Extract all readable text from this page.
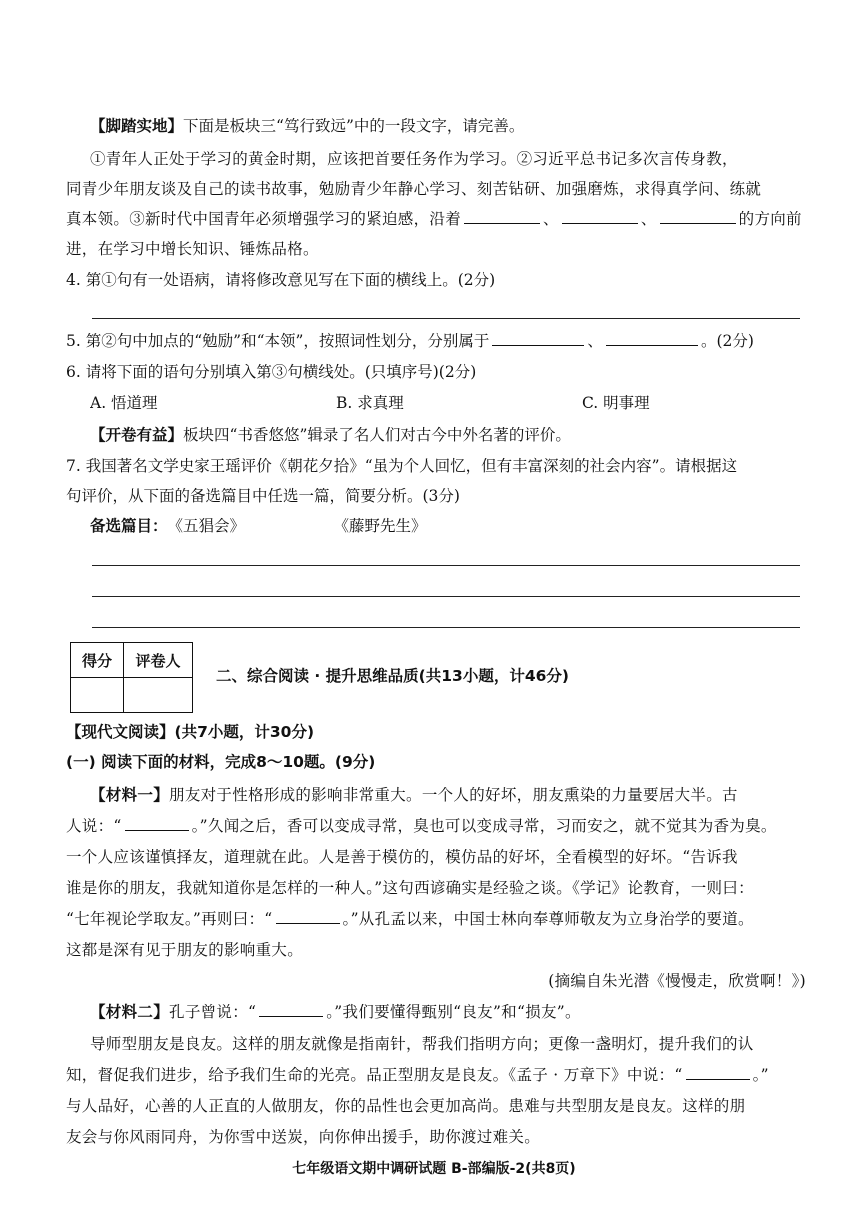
【脚踏实地】下面是板块三“笃行致远”中的一段文字，请完善。
①青年人正处于学习的黄金时期，应该把首要任务作为学习。②习近平总书记多次言传身教，
同青少年朋友谈及自己的读书故事，勉励青少年静心学习、刻苦钻研、加强磨炼，求得真学问、练就
真本领。③新时代中国青年必须增强学习的紧迫感，沿着	、	、	的方向前
进，在学习中增长知识、锤炼品格。
4. 第①句有一处语病，请将修改意见写在下面的横线上。(2分)
5. 第②句中加点的“勉励”和“本领”，按照词性划分，分别属于	、	。(2分)
6. 请将下面的语句分别填入第③句横线处。(只填序号)(2分)
A. 悟道理	B. 求真理	C. 明事理
【开卷有益】板块四“书香悠悠”辑录了名人们对古今中外名著的评价。
7. 我国著名文学史家王瑶评价《朝花夕拾》“虽为个人回忆，但有丰富深刻的社会内容”。请根据这
句评价，从下面的备选篇目中任选一篇，简要分析。(3分)
备选篇目：《五猖会》	《藤野先生》
得分	评卷人

二、综合阅读 · 提升思维品质(共13小题，计46分)
【现代文阅读】(共7小题，计30分)
(一) 阅读下面的材料，完成8～10题。(9分)
【材料一】朋友对于性格形成的影响非常重大。一个人的好坏，朋友熏染的力量要居大半。古
人说：“	。”久闻之后，香可以变成寻常，臭也可以变成寻常，习而安之，就不觉其为香为臭。
一个人应该谨慎择友，道理就在此。人是善于模仿的，模仿品的好坏，全看模型的好坏。“告诉我
谁是你的朋友，我就知道你是怎样的一种人。”这句西谚确实是经验之谈。《学记》论教育，一则曰：
“七年视论学取友。”再则曰：“	。”从孔孟以来，中国士林向奉尊师敬友为立身治学的要道。
这都是深有见于朋友的影响重大。
(摘编自朱光潜《慢慢走，欣赏啊！》)
【材料二】孔子曾说：“	。”我们要懂得甄别“良友”和“损友”。
导师型朋友是良友。这样的朋友就像是指南针，帮我们指明方向；更像一盏明灯，提升我们的认
知，督促我们进步，给予我们生命的光亮。品正型朋友是良友。《孟子 · 万章下》中说：“	。”
与人品好，心善的人正直的人做朋友，你的品性也会更加高尚。患难与共型朋友是良友。这样的朋
友会与你风雨同舟，为你雪中送炭，向你伸出援手，助你渡过难关。
七年级语文期中调研试题 B-部编版-2(共8页)
